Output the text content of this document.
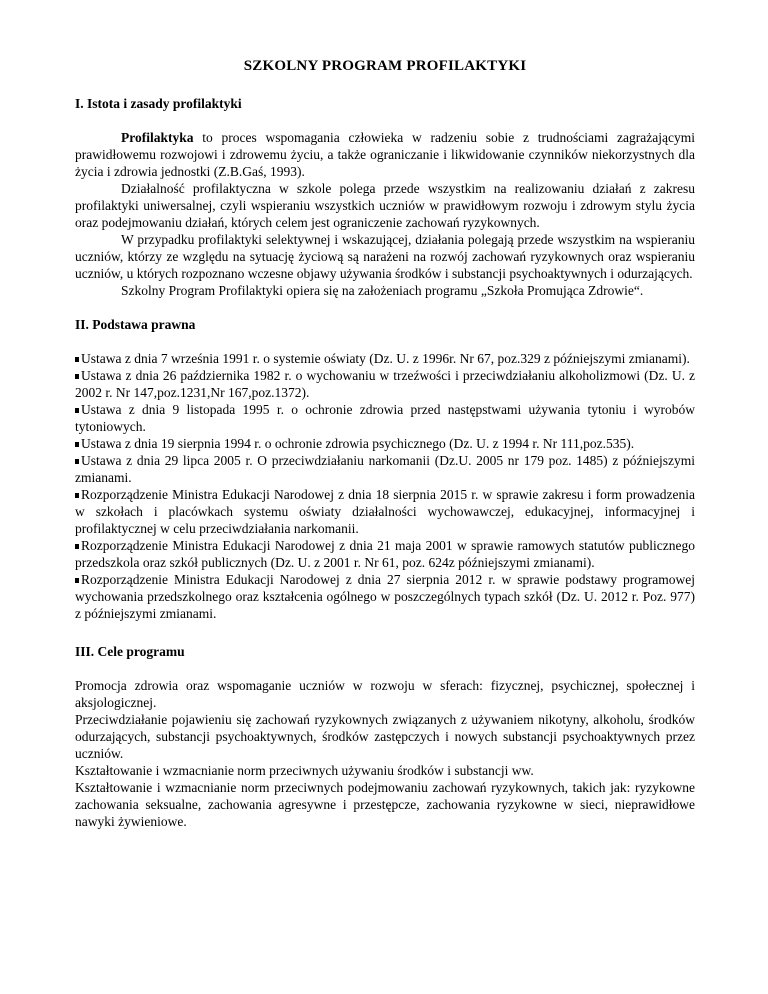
SZKOLNY PROGRAM PROFILAKTYKI
I. Istota i zasady profilaktyki

Profilaktyka to proces wspomagania człowieka w radzeniu sobie z trudnościami zagrażającymi prawidłowemu rozwojowi i zdrowemu życiu, a także ograniczanie i likwidowanie czynników niekorzystnych dla życia i zdrowia jednostki (Z.B.Gaś, 1993).

Działalność profilaktyczna w szkole polega przede wszystkim na realizowaniu działań z zakresu profilaktyki uniwersalnej, czyli wspieraniu wszystkich uczniów w prawidłowym rozwoju i zdrowym stylu życia oraz podejmowaniu działań, których celem jest ograniczenie zachowań ryzykownych.

W przypadku profilaktyki selektywnej i wskazującej, działania polegają przede wszystkim na wspieraniu uczniów, którzy ze względu na sytuację życiową są narażeni na rozwój zachowań ryzykownych oraz wspieraniu uczniów, u których rozpoznano wczesne objawy używania środków i substancji psychoaktywnych i odurzających.

Szkolny Program Profilaktyki opiera się na założeniach programu „Szkoła Promująca Zdrowie“.

II. Podstawa prawna

Ustawa z dnia 7 września 1991 r. o systemie oświaty (Dz. U. z 1996r. Nr 67, poz.329 z późniejszymi zmianami).

Ustawa z dnia 26 października 1982 r. o wychowaniu w trzeźwości i przeciwdziałaniu alkoholizmowi (Dz. U. z 2002 r. Nr 147,poz.1231,Nr 167,poz.1372).

Ustawa z dnia 9 listopada 1995 r. o ochronie zdrowia przed następstwami używania tytoniu i wyrobów tytoniowych.

Ustawa z dnia 19 sierpnia 1994 r. o ochronie zdrowia psychicznego (Dz. U. z 1994 r. Nr 111,poz.535).

Ustawa z dnia 29 lipca 2005 r. O przeciwdziałaniu narkomanii (Dz.U. 2005 nr 179 poz. 1485) z późniejszymi zmianami.

Rozporządzenie Ministra Edukacji Narodowej z dnia 18 sierpnia 2015 r. w sprawie zakresu i form prowadzenia w szkołach i placówkach systemu oświaty działalności wychowawczej, edukacyjnej, informacyjnej i profilaktycznej w celu przeciwdziałania narkomanii.

Rozporządzenie Ministra Edukacji Narodowej z dnia 21 maja 2001 w sprawie ramowych statutów publicznego przedszkola oraz szkół publicznych (Dz. U. z 2001 r. Nr 61, poz. 624z późniejszymi zmianami).

Rozporządzenie Ministra Edukacji Narodowej z dnia 27 sierpnia 2012 r. w sprawie podstawy programowej wychowania przedszkolnego oraz kształcenia ogólnego w poszczególnych typach szkół (Dz. U. 2012 r. Poz. 977) z późniejszymi zmianami.

III. Cele programu

Promocja zdrowia oraz wspomaganie uczniów w rozwoju w sferach: fizycznej, psychicznej, społecznej i aksjologicznej.

Przeciwdziałanie pojawieniu się zachowań ryzykownych związanych z używaniem nikotyny, alkoholu, środków odurzających, substancji psychoaktywnych, środków zastępczych i nowych substancji psychoaktywnych przez uczniów.

Kształtowanie i wzmacnianie norm przeciwnych używaniu środków i substancji ww.

Kształtowanie i wzmacnianie norm przeciwnych podejmowaniu zachowań ryzykownych, takich jak: ryzykowne zachowania seksualne, zachowania agresywne i przestępcze, zachowania ryzykowne w sieci, nieprawidłowe nawyki żywieniowe.
